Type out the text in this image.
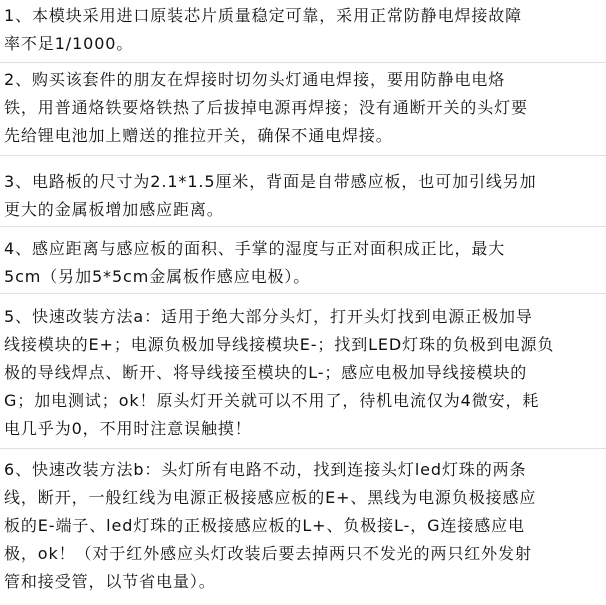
1、本模块采用进口原装芯片质量稳定可靠，采用正常防静电焊接故障
率不足1/1000。
2、购买该套件的朋友在焊接时切勿头灯通电焊接，要用防静电电烙
铁，用普通烙铁要烙铁热了后拔掉电源再焊接；没有通断开关的头灯要
先给锂电池加上赠送的推拉开关，确保不通电焊接。
3、电路板的尺寸为2.1*1.5厘米，背面是自带感应板，也可加引线另加
更大的金属板增加感应距离。
4、感应距离与感应板的面积、手掌的湿度与正对面积成正比，最大
5cm（另加5*5cm金属板作感应电极）。
5、快速改装方法a：适用于绝大部分头灯，打开头灯找到电源正极加导
线接模块的E+；电源负极加导线接模块E-；找到LED灯珠的负极到电源负
极的导线焊点、断开、将导线接至模块的L-；感应电极加导线接模块的
G；加电测试；ok！原头灯开关就可以不用了，待机电流仅为4微安，耗
电几乎为0，不用时注意误触摸！
6、快速改装方法b：头灯所有电路不动，找到连接头灯led灯珠的两条
线，断开，一般红线为电源正极接感应板的E+、黑线为电源负极接感应
板的E-端子、led灯珠的正极接感应板的L+、负极接L-，G连接感应电
极，ok！（对于红外感应头灯改装后要去掉两只不发光的两只红外发射
管和接受管，以节省电量）。
